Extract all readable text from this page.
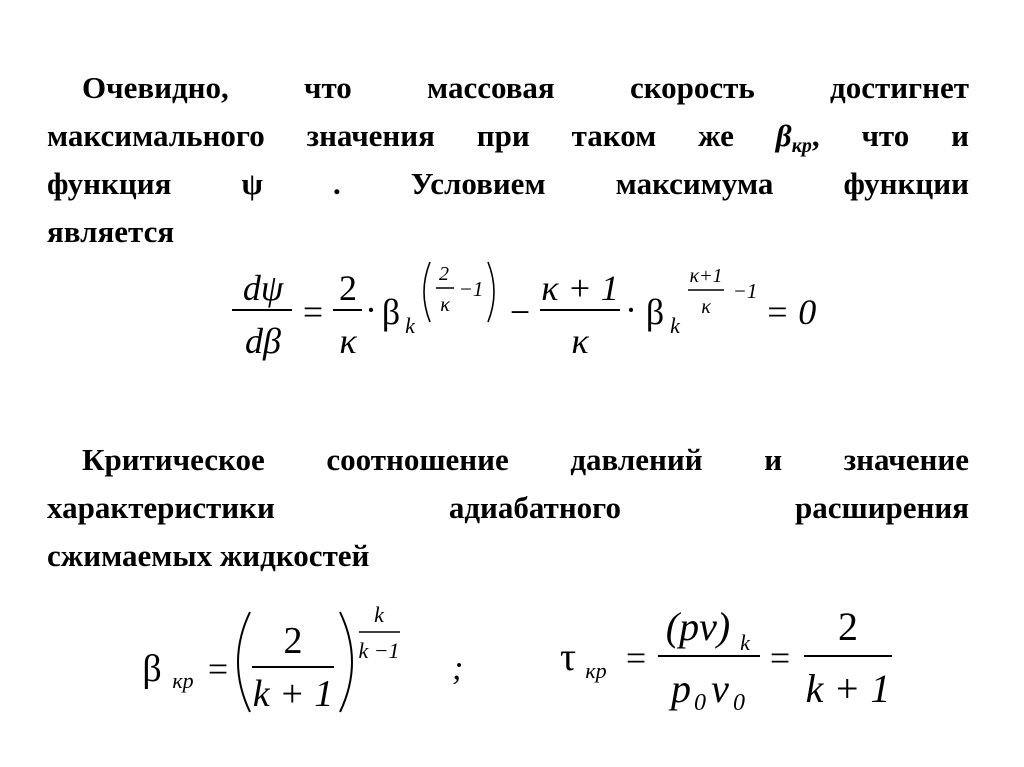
Очевидно, что массовая скорость достигнет
максимального значения при таком же $\beta_{кр}$, что и
функция ψ . Условием максимума функции
является
dψ
dβ
=
2
κ
· β k
2
κ
−1
−
κ + 1
κ
· β k
κ+1
κ
−1
= 0
Критическое соотношение давлений и значение
характеристики адиабатного расширения
сжимаемых жидкостей
β кр =
2
k + 1
k
k −1 ; τ кр =
(pv) k
p 0 v 0
=
2
k + 1
